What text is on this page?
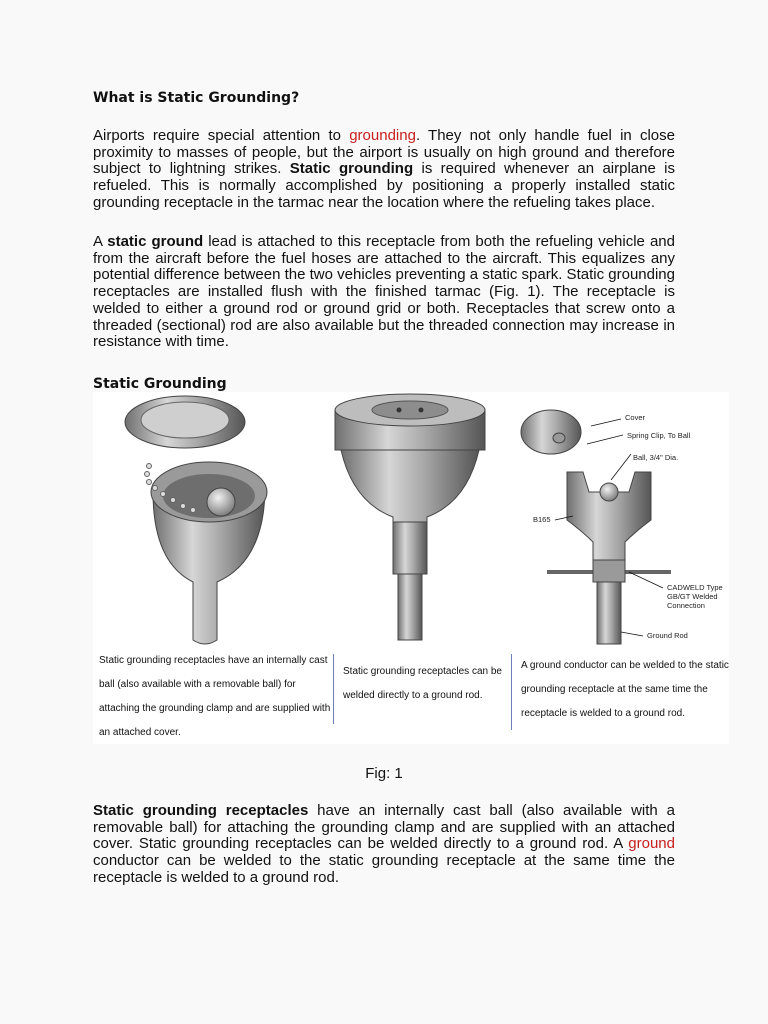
What is Static Grounding?

Airports require special attention to grounding. They not only handle fuel in close proximity to masses of people, but the airport is usually on high ground and therefore subject to lightning strikes. Static grounding is required whenever an airplane is refueled. This is normally accomplished by positioning a properly installed static grounding receptacle in the tarmac near the location where the refueling takes place.

A static ground lead is attached to this receptacle from both the refueling vehicle and from the aircraft before the fuel hoses are attached to the aircraft. This equalizes any potential difference between the two vehicles preventing a static spark. Static grounding receptacles are installed flush with the finished tarmac (Fig. 1). The receptacle is welded to either a ground rod or ground grid or both. Receptacles that screw onto a threaded (sectional) rod are also available but the threaded connection may increase in resistance with time.

Static Grounding
Cover
Spring Clip, To Ball
Ball, 3/4" Dia.
B165
CADWELD Type
GB/GT Welded
Connection
Ground Rod
Static grounding receptacles have an internally cast ball (also available with a removable ball) for attaching the grounding clamp and are supplied with an attached cover.
Static grounding receptacles can be welded directly to a ground rod.
A ground conductor can be welded to the static grounding receptacle at the same time the receptacle is welded to a ground rod.
Fig: 1

Static grounding receptacles have an internally cast ball (also available with a removable ball) for attaching the grounding clamp and are supplied with an attached cover. Static grounding receptacles can be welded directly to a ground rod. A ground conductor can be welded to the static grounding receptacle at the same time the receptacle is welded to a ground rod.
